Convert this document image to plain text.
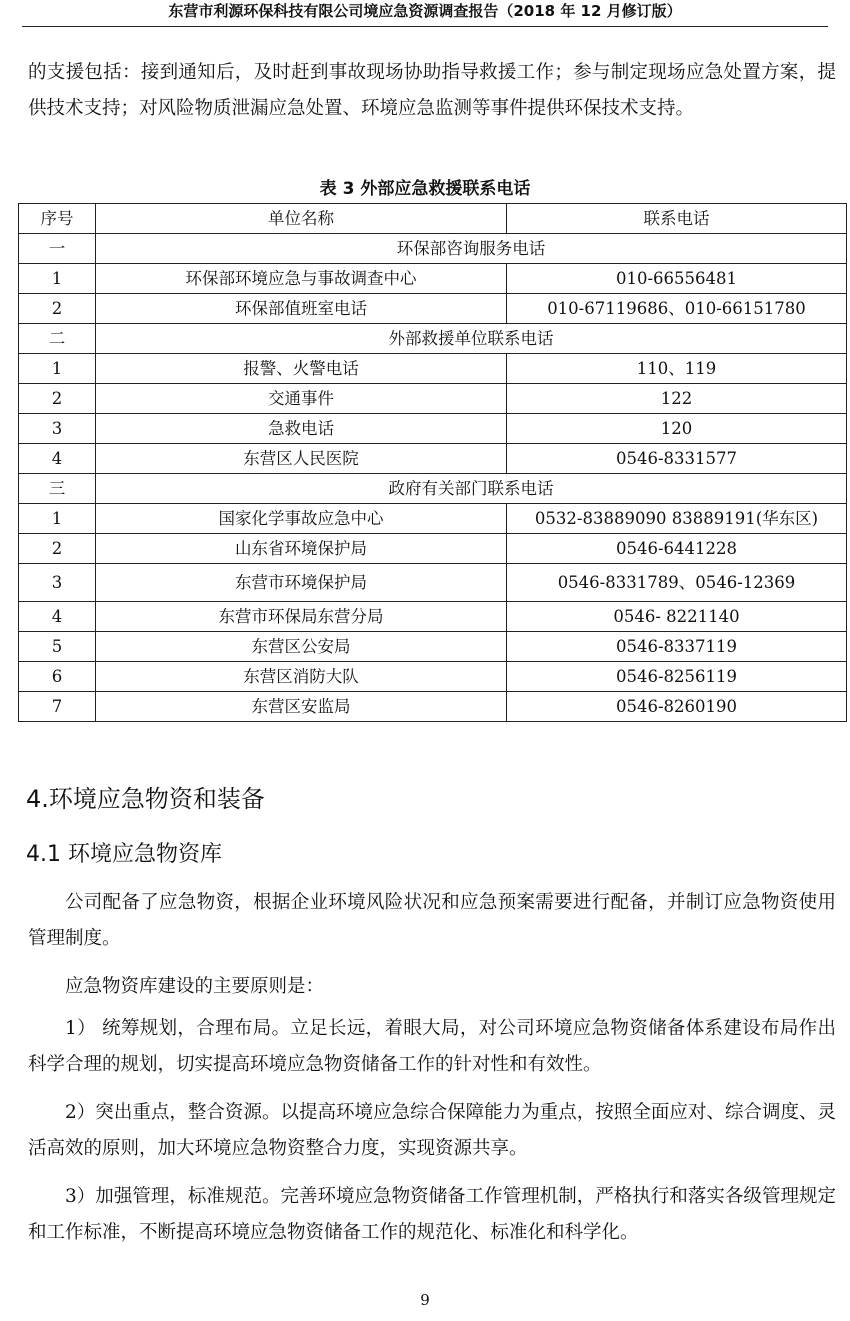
东营市利源环保科技有限公司境应急资源调查报告（2018 年 12 月修订版）

的支援包括：接到通知后，及时赶到事故现场协助指导救援工作；参与制定现场应急处置方案，提供技术支持；对风险物质泄漏应急处置、环境应急监测等事件提供环保技术支持。

表 3 外部应急救援联系电话
序号	单位名称	联系电话
一	环保部咨询服务电话	
1	环保部环境应急与事故调查中心	010-66556481
2	环保部值班室电话	010-67119686、010-66151780
二	外部救援单位联系电话	
1	报警、火警电话	110、119
2	交通事件	122
3	急救电话	120
4	东营区人民医院	0546-8331577
三	政府有关部门联系电话	
1	国家化学事故应急中心	0532-83889090 83889191(华东区)
2	山东省环境保护局	0546-6441228
3	东营市环境保护局	0546-8331789、0546-12369
4	东营市环保局东营分局	0546- 8221140
5	东营区公安局	0546-8337119
6	东营区消防大队	0546-8256119
7	东营区安监局	0546-8260190
4.环境应急物资和装备
4.1 环境应急物资库

公司配备了应急物资，根据企业环境风险状况和应急预案需要进行配备，并制订应急物资使用管理制度。

应急物资库建设的主要原则是：

1） 统筹规划，合理布局。立足长远，着眼大局，对公司环境应急物资储备体系建设布局作出科学合理的规划，切实提高环境应急物资储备工作的针对性和有效性。

2）突出重点，整合资源。以提高环境应急综合保障能力为重点，按照全面应对、综合调度、灵活高效的原则，加大环境应急物资整合力度，实现资源共享。

3）加强管理，标准规范。完善环境应急物资储备工作管理机制，严格执行和落实各级管理规定和工作标准，不断提高环境应急物资储备工作的规范化、标准化和科学化。

9
